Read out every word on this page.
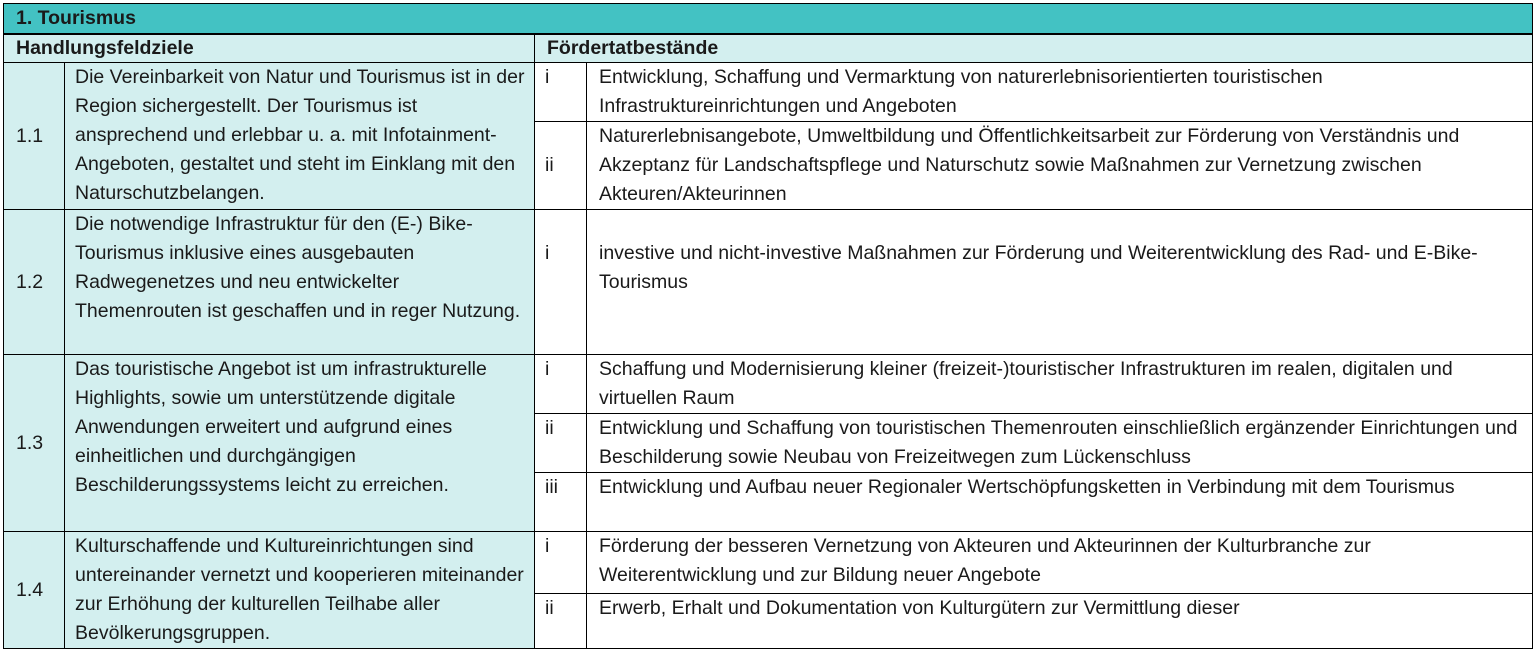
1. Tourismus			
Handlungsfeldziele		Fördertatbestände	
1.1	Die Vereinbarkeit von Natur und Tourismus ist in der Region sichergestellt. Der Tourismus ist ansprechend und erlebbar u. a. mit Infotainment-Angeboten, gestaltet und steht im Einklang mit den Naturschutzbelangen.	i	Entwicklung, Schaffung und Vermarktung von naturerlebnisorientierten touristischen Infrastruktureinrichtungen und Angeboten
		ii	Naturerlebnisangebote, Umweltbildung und Öffentlichkeitsarbeit zur Förderung von Verständnis und Akzeptanz für Landschaftspflege und Naturschutz sowie Maßnahmen zur Vernetzung zwischen Akteuren/Akteurinnen
1.2	Die notwendige Infrastruktur für den (E-) Bike-Tourismus inklusive eines ausgebauten Radwegenetzes und neu entwickelter Themenrouten ist geschaffen und in reger Nutzung.	i	investive und nicht-investive Maßnahmen zur Förderung und Weiterentwicklung des Rad- und E-Bike-Tourismus
1.3	Das touristische Angebot ist um infrastrukturelle Highlights, sowie um unterstützende digitale Anwendungen erweitert und aufgrund eines einheitlichen und durchgängigen Beschilderungssystems leicht zu erreichen.	i	Schaffung und Modernisierung kleiner (freizeit-)touristischer Infrastrukturen im realen, digitalen und virtuellen Raum
		ii	Entwicklung und Schaffung von touristischen Themenrouten einschließlich ergänzender Einrichtungen und Beschilderung sowie Neubau von Freizeitwegen zum Lückenschluss
		iii	Entwicklung und Aufbau neuer Regionaler Wertschöpfungsketten in Verbindung mit dem Tourismus
1.4	Kulturschaffende und Kultureinrichtungen sind untereinander vernetzt und kooperieren miteinander zur Erhöhung der kulturellen Teilhabe aller Bevölkerungsgruppen.	i	Förderung der besseren Vernetzung von Akteuren und Akteurinnen der Kulturbranche zur Weiterentwicklung und zur Bildung neuer Angebote
		ii	Erwerb, Erhalt und Dokumentation von Kulturgütern zur Vermittlung dieser
